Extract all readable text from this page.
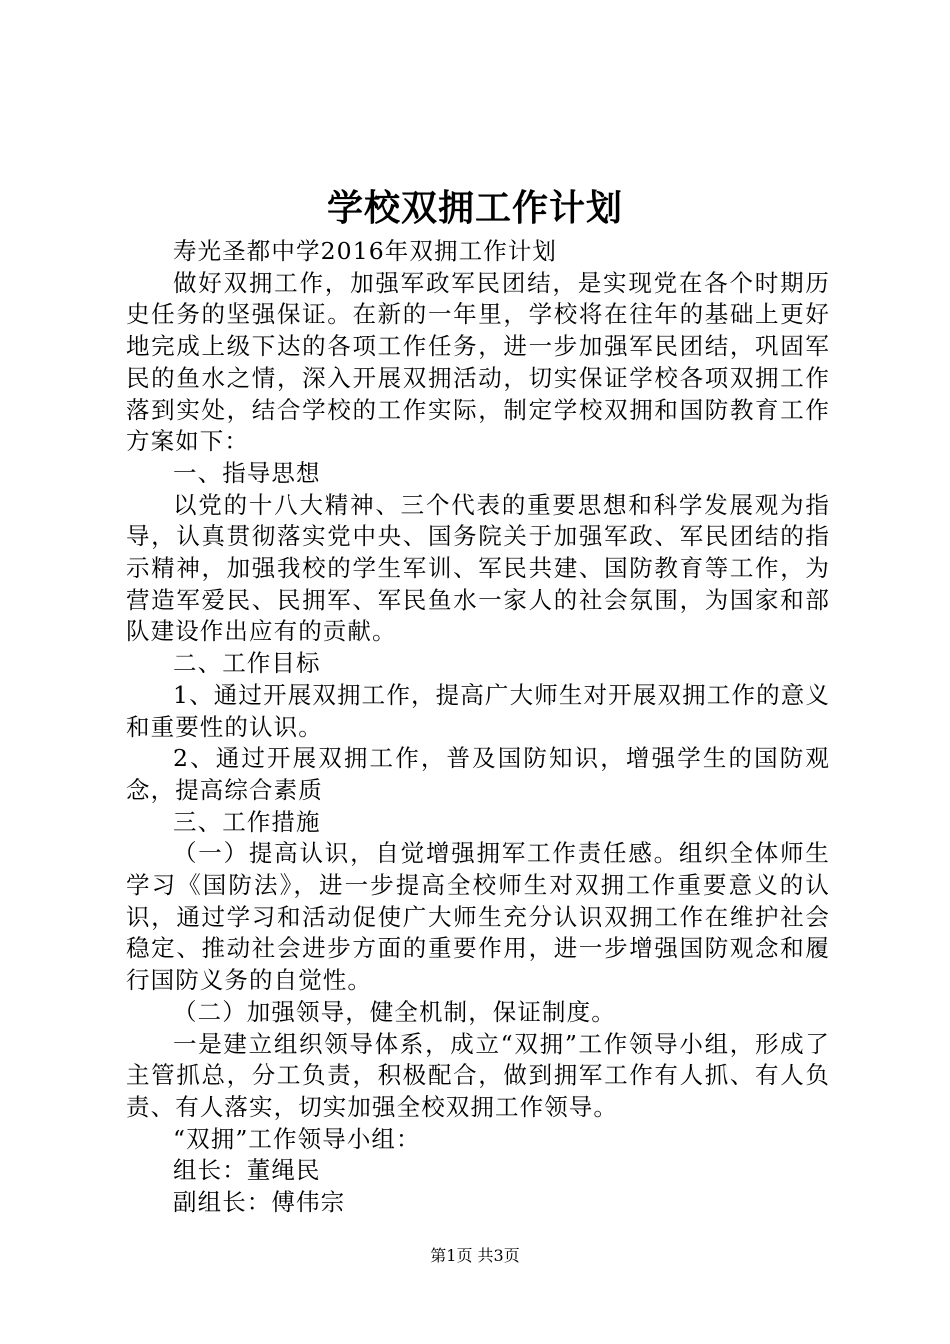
学校双拥工作计划

寿光圣都中学2016年双拥工作计划

做好双拥工作，加强军政军民团结，是实现党在各个时期历史任务的坚强保证。在新的一年里，学校将在往年的基础上更好地完成上级下达的各项工作任务，进一步加强军民团结，巩固军民的鱼水之情，深入开展双拥活动，切实保证学校各项双拥工作落到实处，结合学校的工作实际，制定学校双拥和国防教育工作方案如下：

一、指导思想

以党的十八大精神、三个代表的重要思想和科学发展观为指导，认真贯彻落实党中央、国务院关于加强军政、军民团结的指示精神，加强我校的学生军训、军民共建、国防教育等工作，为营造军爱民、民拥军、军民鱼水一家人的社会氛围，为国家和部队建设作出应有的贡献。

二、工作目标

1、通过开展双拥工作，提高广大师生对开展双拥工作的意义和重要性的认识。

2、通过开展双拥工作，普及国防知识，增强学生的国防观念，提高综合素质

三、工作措施

（一）提高认识，自觉增强拥军工作责任感。组织全体师生学习《国防法》，进一步提高全校师生对双拥工作重要意义的认识，通过学习和活动促使广大师生充分认识双拥工作在维护社会稳定、推动社会进步方面的重要作用，进一步增强国防观念和履行国防义务的自觉性。

（二）加强领导，健全机制，保证制度。

一是建立组织领导体系，成立“双拥”工作领导小组，形成了主管抓总，分工负责，积极配合，做到拥军工作有人抓、有人负责、有人落实，切实加强全校双拥工作领导。

“双拥”工作领导小组：

组长：董绳民

副组长：傅伟宗

第1页 共3页
